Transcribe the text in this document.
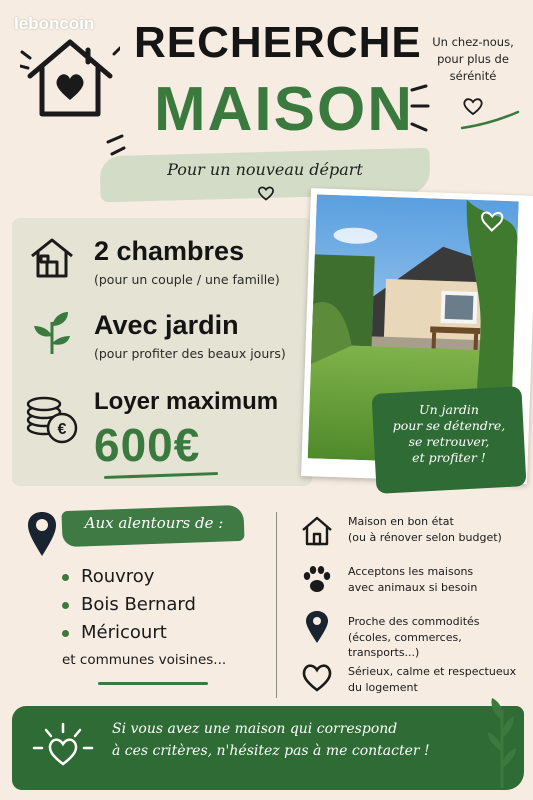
leboncoin RECHERCHE
MAISON
Un chez-nous,
pour plus de
sérénité
Pour un nouveau départ
2 chambres
(pour un couple / une famille)
Avec jardin
(pour profiter des beaux jours)
€
Loyer maximum
600€
Un jardin
pour se détendre,
se retrouver,
et profiter !
Aux alentours de :
Rouvroy
Bois Bernard
Méricourt
et communes voisines...
Maison en bon état
(ou à rénover selon budget)
Acceptons les maisons
avec animaux si besoin
Proche des commodités
(écoles, commerces, transports...)
Sérieux, calme et respectueux
du logement
Si vous avez une maison qui correspond
à ces critères, n'hésitez pas à me contacter !
